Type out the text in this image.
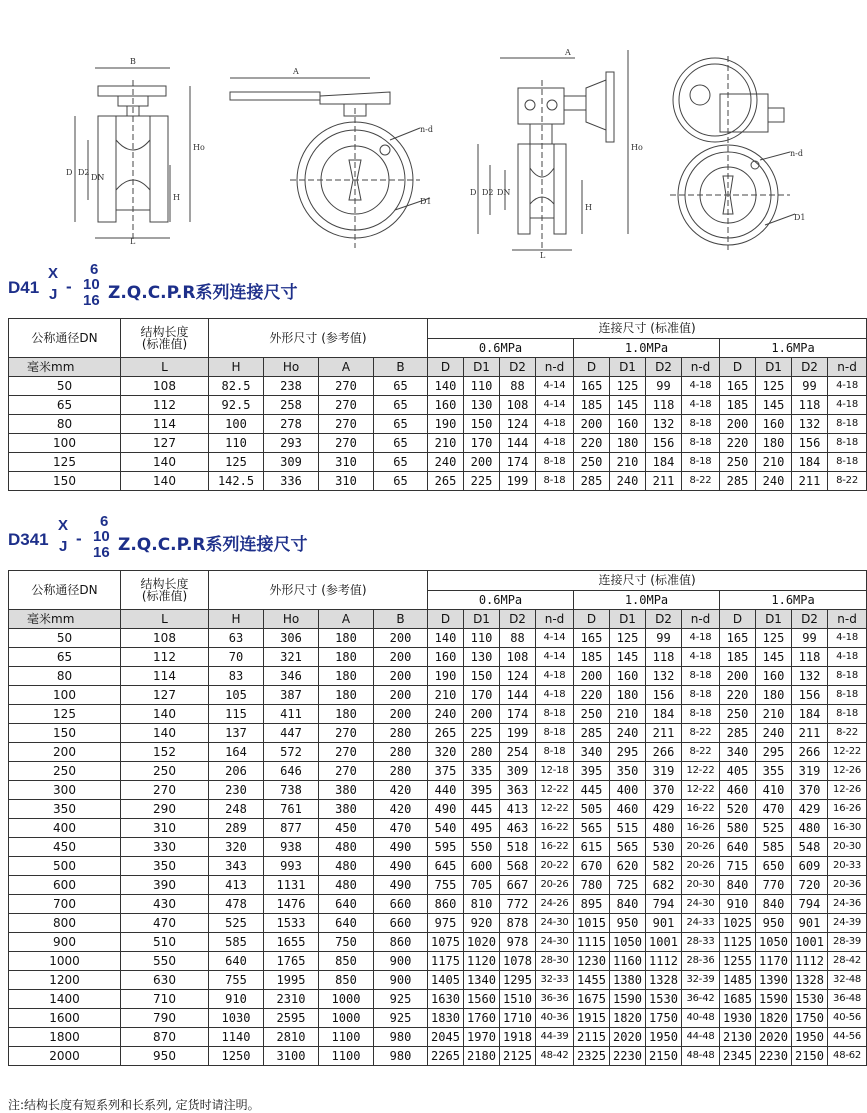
B
Ho
D D2
DN
H
L
A
n-d
D1
A
D D2 DN
H
Ho
L
n-d
D1
D41
X
J -
6
10
16 Z.Q.C.P.R系列连接尺寸
公称通径DN	结构长度
(标准值)	外形尺寸 (参考值)				连接尺寸 (标准值)											
						0.6MPa				1.0MPa				1.6MPa			
毫米mm	L	H	Ho	A	B	D	D1	D2	n-d	D	D1	D2	n-d	D	D1	D2	n-d
50	108	82.5	238	270	65	140	110	88	4-14	165	125	99	4-18	165	125	99	4-18
65	112	92.5	258	270	65	160	130	108	4-14	185	145	118	4-18	185	145	118	4-18
80	114	100	278	270	65	190	150	124	4-18	200	160	132	8-18	200	160	132	8-18
100	127	110	293	270	65	210	170	144	4-18	220	180	156	8-18	220	180	156	8-18
125	140	125	309	310	65	240	200	174	8-18	250	210	184	8-18	250	210	184	8-18
150	140	142.5	336	310	65	265	225	199	8-18	285	240	211	8-22	285	240	211	8-22
D341
X
J -
6
10
16 Z.Q.C.P.R系列连接尺寸
公称通径DN	结构长度
(标准值)	外形尺寸 (参考值)				连接尺寸 (标准值)											
						0.6MPa				1.0MPa				1.6MPa			
毫米mm	L	H	Ho	A	B	D	D1	D2	n-d	D	D1	D2	n-d	D	D1	D2	n-d
50	108	63	306	180	200	140	110	88	4-14	165	125	99	4-18	165	125	99	4-18
65	112	70	321	180	200	160	130	108	4-14	185	145	118	4-18	185	145	118	4-18
80	114	83	346	180	200	190	150	124	4-18	200	160	132	8-18	200	160	132	8-18
100	127	105	387	180	200	210	170	144	4-18	220	180	156	8-18	220	180	156	8-18
125	140	115	411	180	200	240	200	174	8-18	250	210	184	8-18	250	210	184	8-18
150	140	137	447	270	280	265	225	199	8-18	285	240	211	8-22	285	240	211	8-22
200	152	164	572	270	280	320	280	254	8-18	340	295	266	8-22	340	295	266	12-22
250	250	206	646	270	280	375	335	309	12-18	395	350	319	12-22	405	355	319	12-26
300	270	230	738	380	420	440	395	363	12-22	445	400	370	12-22	460	410	370	12-26
350	290	248	761	380	420	490	445	413	12-22	505	460	429	16-22	520	470	429	16-26
400	310	289	877	450	470	540	495	463	16-22	565	515	480	16-26	580	525	480	16-30
450	330	320	938	480	490	595	550	518	16-22	615	565	530	20-26	640	585	548	20-30
500	350	343	993	480	490	645	600	568	20-22	670	620	582	20-26	715	650	609	20-33
600	390	413	1131	480	490	755	705	667	20-26	780	725	682	20-30	840	770	720	20-36
700	430	478	1476	640	660	860	810	772	24-26	895	840	794	24-30	910	840	794	24-36
800	470	525	1533	640	660	975	920	878	24-30	1015	950	901	24-33	1025	950	901	24-39
900	510	585	1655	750	860	1075	1020	978	24-30	1115	1050	1001	28-33	1125	1050	1001	28-39
1000	550	640	1765	850	900	1175	1120	1078	28-30	1230	1160	1112	28-36	1255	1170	1112	28-42
1200	630	755	1995	850	900	1405	1340	1295	32-33	1455	1380	1328	32-39	1485	1390	1328	32-48
1400	710	910	2310	1000	925	1630	1560	1510	36-36	1675	1590	1530	36-42	1685	1590	1530	36-48
1600	790	1030	2595	1000	925	1830	1760	1710	40-36	1915	1820	1750	40-48	1930	1820	1750	40-56
1800	870	1140	2810	1100	980	2045	1970	1918	44-39	2115	2020	1950	44-48	2130	2020	1950	44-56
2000	950	1250	3100	1100	980	2265	2180	2125	48-42	2325	2230	2150	48-48	2345	2230	2150	48-62
注:结构长度有短系列和长系列, 定货时请注明。
